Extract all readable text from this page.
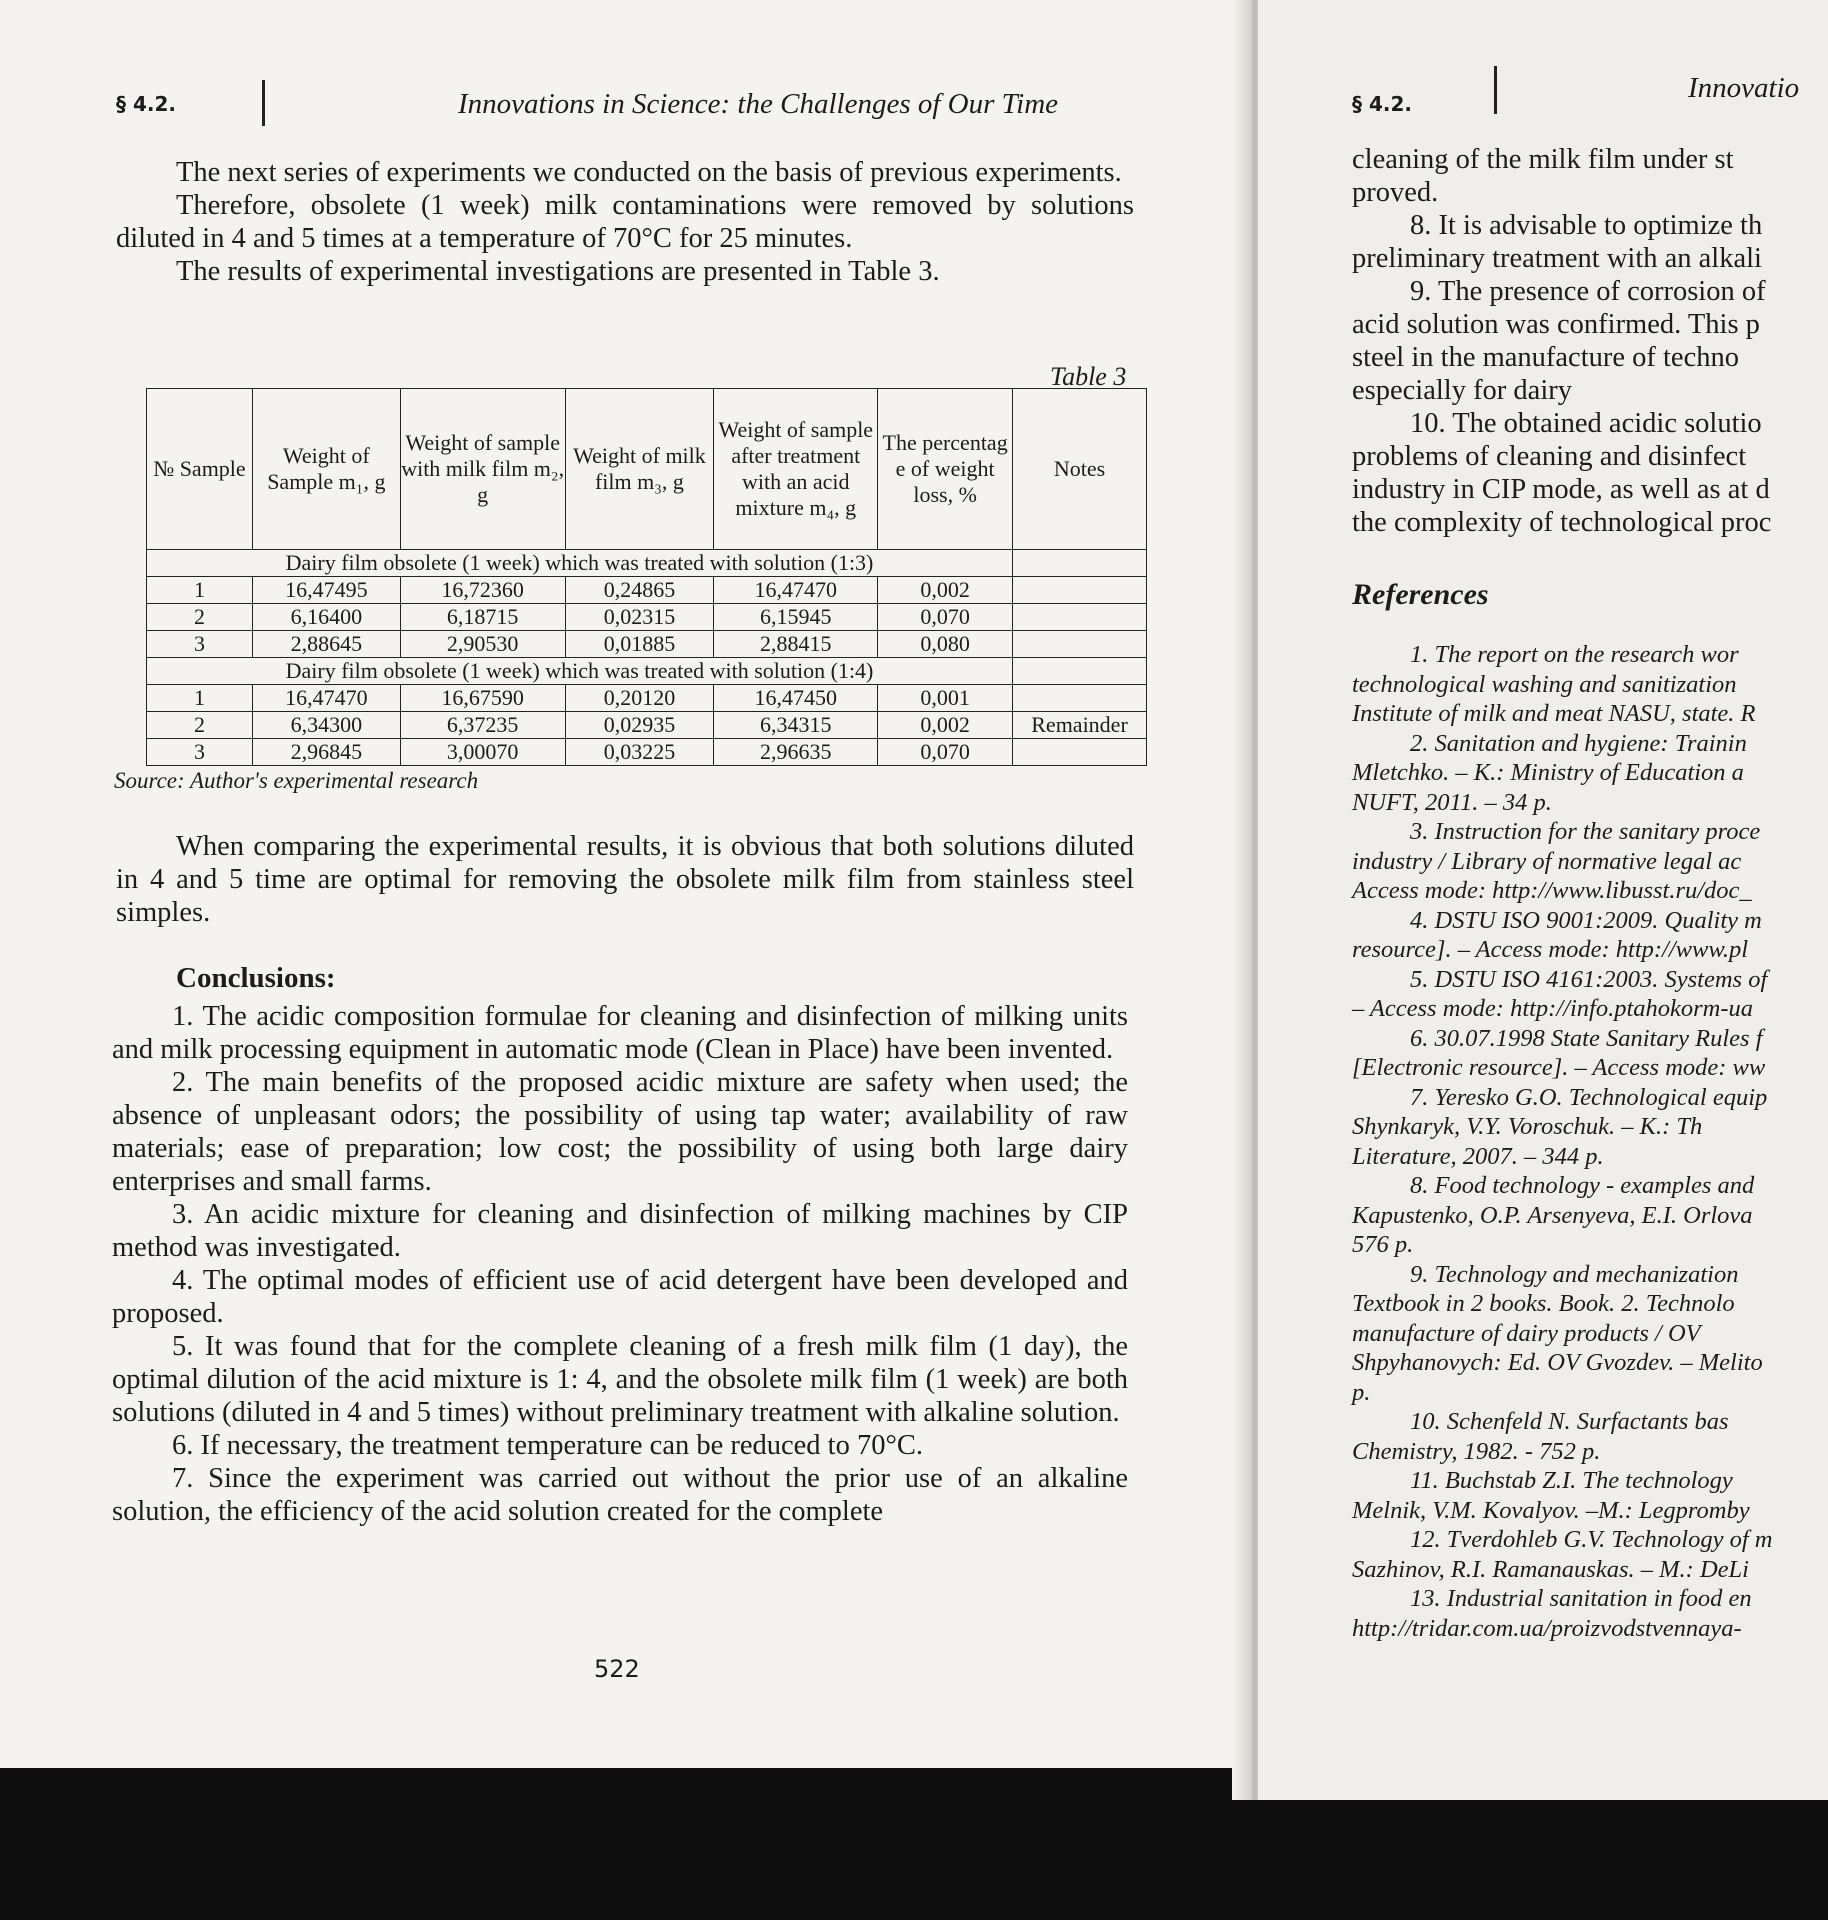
§ 4.2.	Innovations in Science: the Challenges of Our Time

The next series of experiments we conducted on the basis of previous experiments.

Therefore, obsolete (1 week) milk contaminations were removed by solutions diluted in 4 and 5 times at a temperature of 70°C for 25 minutes.

The results of experimental investigations are presented in Table 3.

Table 3
№ Sample	Weight of Sample m₁, g	Weight of sample with milk film m₂, g	Weight of milk film m₃, g	Weight of sample after treatment with an acid mixture m₄, g	The percentag e of weight loss, %	Notes
Dairy film obsolete (1 week) which was treated with solution (1:3)						
1	16,47495	16,72360	0,24865	16,47470	0,002	
2	6,16400	6,18715	0,02315	6,15945	0,070	
3	2,88645	2,90530	0,01885	2,88415	0,080	
Dairy film obsolete (1 week) which was treated with solution (1:4)						
1	16,47470	16,67590	0,20120	16,47450	0,001	
2	6,34300	6,37235	0,02935	6,34315	0,002	Remainder
3	2,96845	3,00070	0,03225	2,96635	0,070	
Source: Author's experimental research

When comparing the experimental results, it is obvious that both solutions diluted in 4 and 5 time are optimal for removing the obsolete milk film from stainless steel simples.

Conclusions:

1. The acidic composition formulae for cleaning and disinfection of milking units and milk processing equipment in automatic mode (Clean in Place) have been invented.

2. The main benefits of the proposed acidic mixture are safety when used; the absence of unpleasant odors; the possibility of using tap water; availability of raw materials; ease of preparation; low cost; the possibility of using both large dairy enterprises and small farms.

3. An acidic mixture for cleaning and disinfection of milking machines by CIP method was investigated.

4. The optimal modes of efficient use of acid detergent have been developed and proposed.

5. It was found that for the complete cleaning of a fresh milk film (1 day), the optimal dilution of the acid mixture is 1: 4, and the obsolete milk film (1 week) are both solutions (diluted in 4 and 5 times) without preliminary treatment with alkaline solution.

6. If necessary, the treatment temperature can be reduced to 70°C.

7. Since the experiment was carried out without the prior use of an alkaline solution, the efficiency of the acid solution created for the complete

522
§ 4.2.	Innovatio

cleaning of the milk film under st

proved.

8. It is advisable to optimize th

preliminary treatment with an alkali

9. The presence of corrosion of

acid solution was confirmed. This p

steel in the manufacture of techno

especially for dairy

10. The obtained acidic solutio

problems of cleaning and disinfect

industry in CIP mode, as well as at d

the complexity of technological proc

References

1. The report on the research wor

technological washing and sanitization

Institute of milk and meat NASU, state. R

2. Sanitation and hygiene: Trainin

Mletchko. – K.: Ministry of Education a

NUFT, 2011. – 34 p.

3. Instruction for the sanitary proce

industry / Library of normative legal ac

Access mode: http://www.libusst.ru/doc_

4. DSTU ISO 9001:2009. Quality m

resource]. – Access mode: http://www.pl

5. DSTU ISO 4161:2003. Systems of

– Access mode: http://info.ptahokorm-ua

6. 30.07.1998 State Sanitary Rules f

[Electronic resource]. – Access mode: ww

7. Yeresko G.O. Technological equip

Shynkaryk, V.Y. Voroschuk. – K.: Th

Literature, 2007. – 344 p.

8. Food technology - examples and

Kapustenko, O.P. Arsenyeva, E.I. Orlova

576 p.

9. Technology and mechanization

Textbook in 2 books. Book. 2. Technolo

manufacture of dairy products / OV

Shpyhanovych: Ed. OV Gvozdev. – Melito

p.

10. Schenfeld N. Surfactants bas

Chemistry, 1982. - 752 p.

11. Buchstab Z.I. The technology

Melnik, V.M. Kovalyov. –M.: Legpromby

12. Tverdohleb G.V. Technology of m

Sazhinov, R.I. Ramanauskas. – M.: DeLi

13. Industrial sanitation in food en

http://tridar.com.ua/proizvodstvennaya-
